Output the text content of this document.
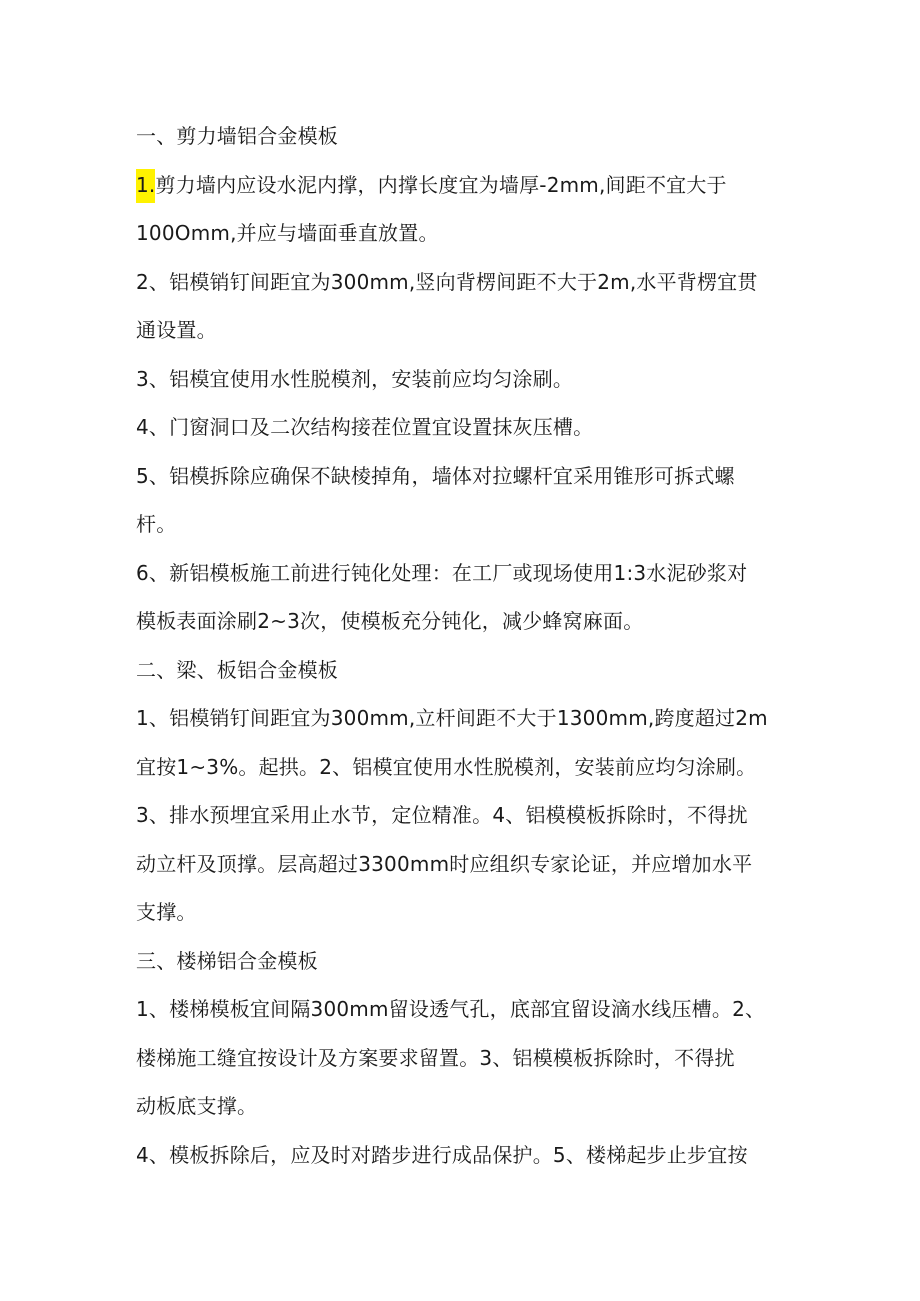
一、剪力墙铝合金模板
1.剪力墙内应设水泥内撑，内撑长度宜为墙厚-2mm,间距不宜大于
100Omm,并应与墙面垂直放置。
2、铝模销钉间距宜为300mm,竖向背楞间距不大于2m,水平背楞宜贯
通设置。
3、铝模宜使用水性脱模剂，安装前应均匀涂刷。
4、门窗洞口及二次结构接茬位置宜设置抹灰压槽。
5、铝模拆除应确保不缺棱掉角，墙体对拉螺杆宜采用锥形可拆式螺
杆。
6、新铝模板施工前进行钝化处理：在工厂或现场使用1:3水泥砂浆对
模板表面涂刷2~3次，使模板充分钝化，减少蜂窝麻面。
二、梁、板铝合金模板
1、铝模销钉间距宜为300mm,立杆间距不大于1300mm,跨度超过2m
宜按1~3%。起拱。2、铝模宜使用水性脱模剂，安装前应均匀涂刷。
3、排水预埋宜采用止水节，定位精准。4、铝模模板拆除时，不得扰
动立杆及顶撑。层高超过3300mm时应组织专家论证，并应增加水平
支撑。
三、楼梯铝合金模板
1、楼梯模板宜间隔300mm留设透气孔，底部宜留设滴水线压槽。2、
楼梯施工缝宜按设计及方案要求留置。3、铝模模板拆除时，不得扰
动板底支撑。
4、模板拆除后，应及时对踏步进行成品保护。5、楼梯起步止步宜按
